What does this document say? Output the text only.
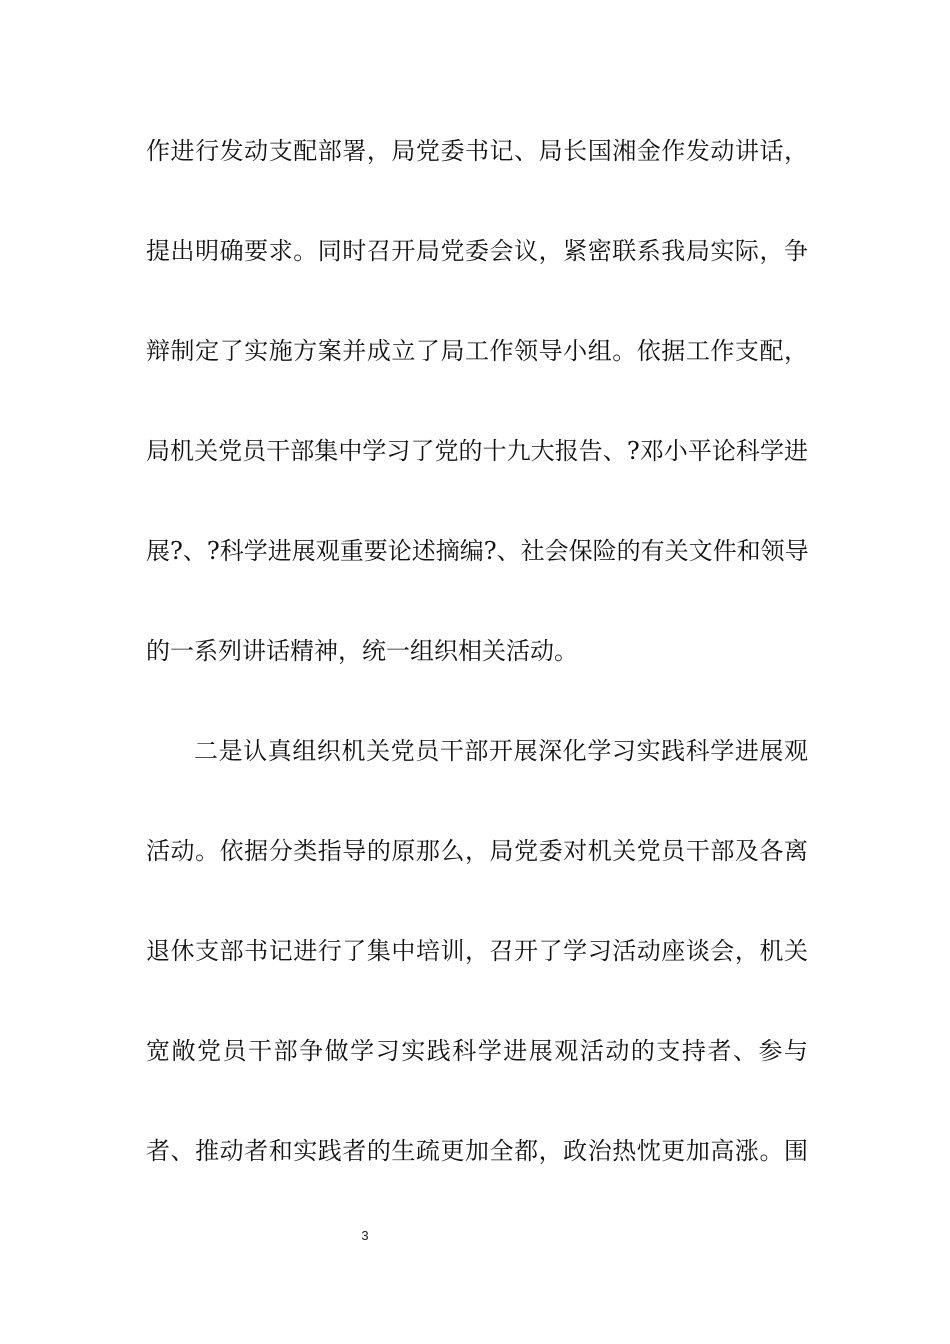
作进行发动支配部署，局党委书记、局长国湘金作发动讲话，
提出明确要求。同时召开局党委会议，紧密联系我局实际，争
辩制定了实施方案并成立了局工作领导小组。依据工作支配，
局机关党员干部集中学习了党的十九大报告、?邓小平论科学进
展?、?科学进展观重要论述摘编?、社会保险的有关文件和领导
的一系列讲话精神，统一组织相关活动。
二是认真组织机关党员干部开展深化学习实践科学进展观
活动。依据分类指导的原那么，局党委对机关党员干部及各离
退休支部书记进行了集中培训，召开了学习活动座谈会，机关
宽敞党员干部争做学习实践科学进展观活动的支持者、参与
者、推动者和实践者的生疏更加全都，政治热忱更加高涨。围
3
